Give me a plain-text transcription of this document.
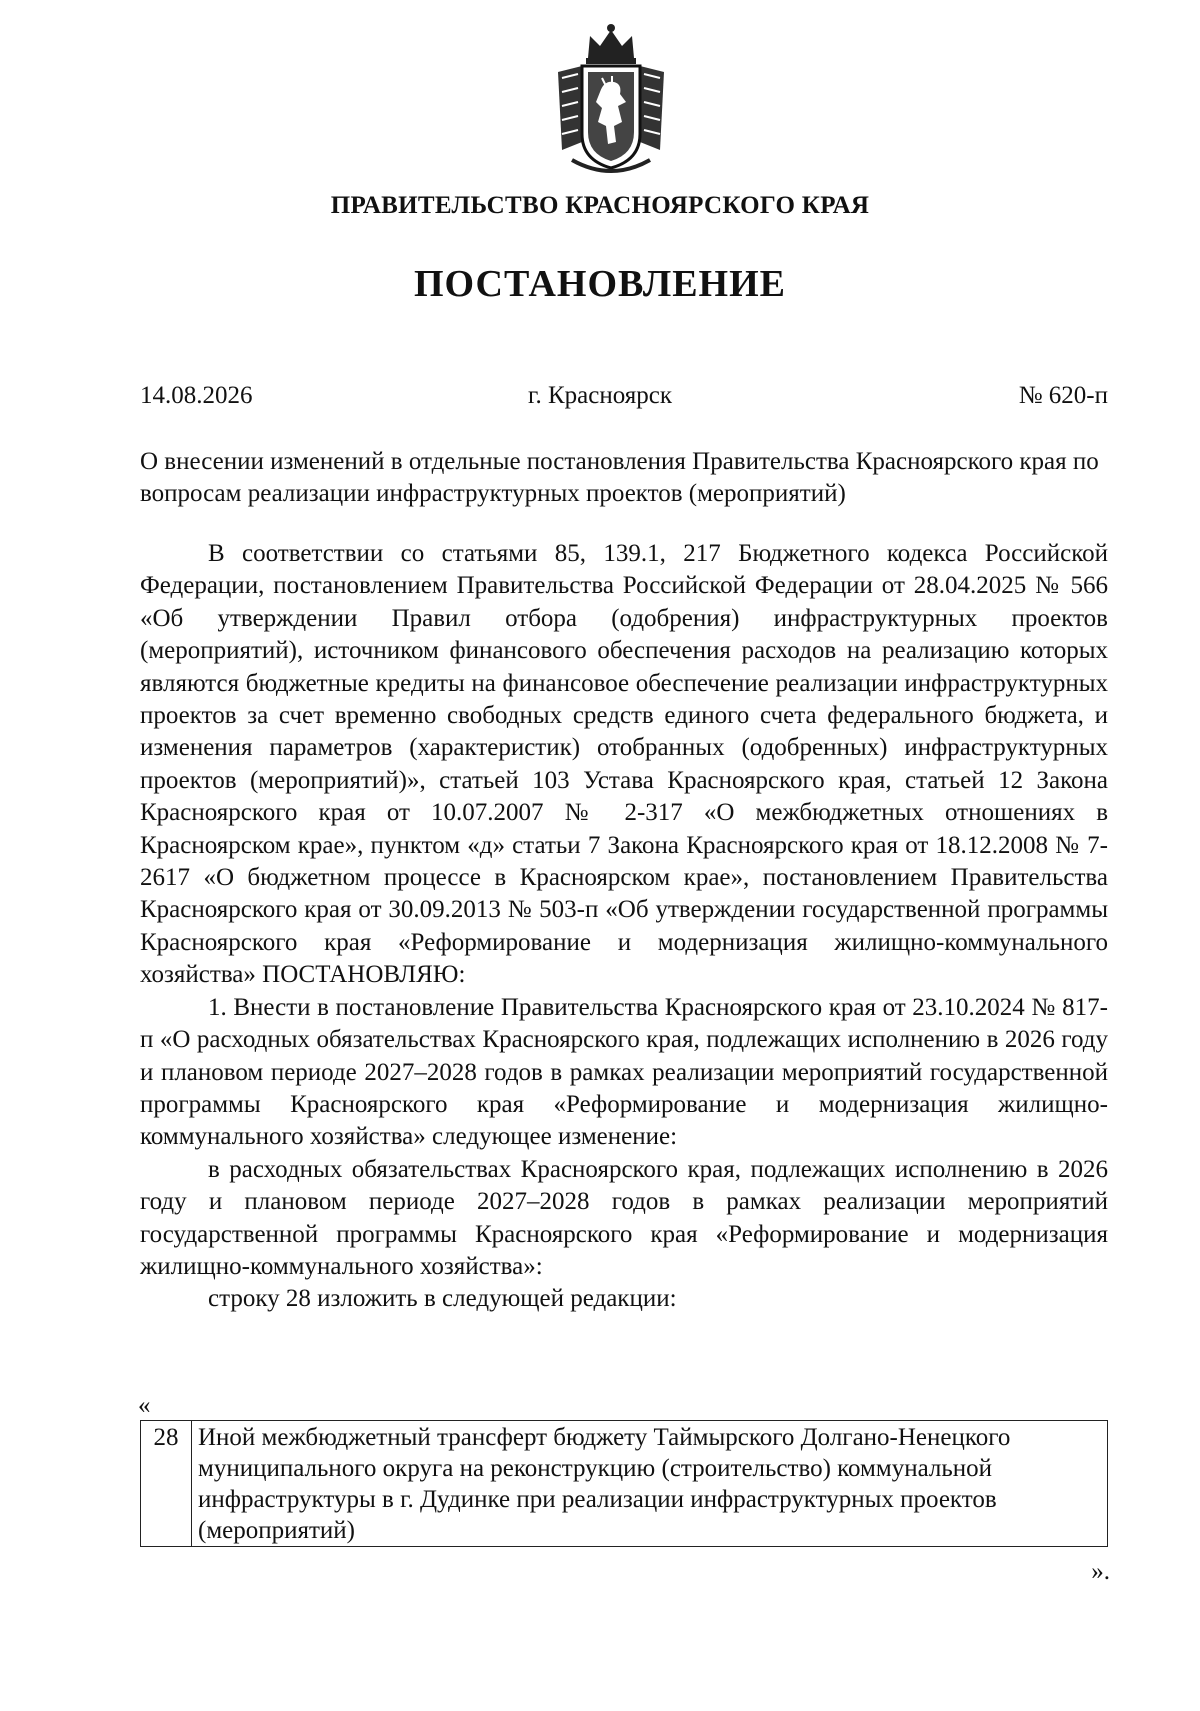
ПРАВИТЕЛЬСТВО КРАСНОЯРСКОГО КРАЯ
ПОСТАНОВЛЕНИЕ
14.08.2026	г. Красноярск	№ 620-п
О внесении изменений в отдельные постановления Правительства Красноярского края по вопросам реализации инфраструктурных проектов (мероприятий)

В соответствии со статьями 85, 139.1, 217 Бюджетного кодекса Российской Федерации, постановлением Правительства Российской Федерации от 28.04.2025 № 566 «Об утверждении Правил отбора (одобрения) инфраструктурных проектов (мероприятий), источником финансового обеспечения расходов на реализацию которых являются бюджетные кредиты на финансовое обеспечение реализации инфраструктурных проектов за счет временно свободных средств единого счета федерального бюджета, и изменения параметров (характеристик) отобранных (одобренных) инфраструктурных проектов (мероприятий)», статьей 103 Устава Красноярского края, статьей 12 Закона Красноярского края от 10.07.2007 № 2-317 «О межбюджетных отношениях в Красноярском крае», пунктом «д» статьи 7 Закона Красноярского края от 18.12.2008 № 7-2617 «О бюджетном процессе в Красноярском крае», постановлением Правительства Красноярского края от 30.09.2013 № 503-п «Об утверждении государственной программы Красноярского края «Реформирование и модернизация жилищно-коммунального хозяйства» ПОСТАНОВЛЯЮ:

1. Внести в постановление Правительства Красноярского края от 23.10.2024 № 817-п «О расходных обязательствах Красноярского края, подлежащих исполнению в 2026 году и плановом периоде 2027–2028 годов в рамках реализации мероприятий государственной программы Красноярского края «Реформирование и модернизация жилищно-коммунального хозяйства» следующее изменение:

в расходных обязательствах Красноярского края, подлежащих исполнению в 2026 году и плановом периоде 2027–2028 годов в рамках реализации мероприятий государственной программы Красноярского края «Реформирование и модернизация жилищно-коммунального хозяйства»:

строку 28 изложить в следующей редакции:

«
28	Иной межбюджетный трансферт бюджету Таймырского Долгано-Ненецкого муниципального округа на реконструкцию (строительство) коммунальной инфраструктуры в г. Дудинке при реализации инфраструктурных проектов (мероприятий)
».
